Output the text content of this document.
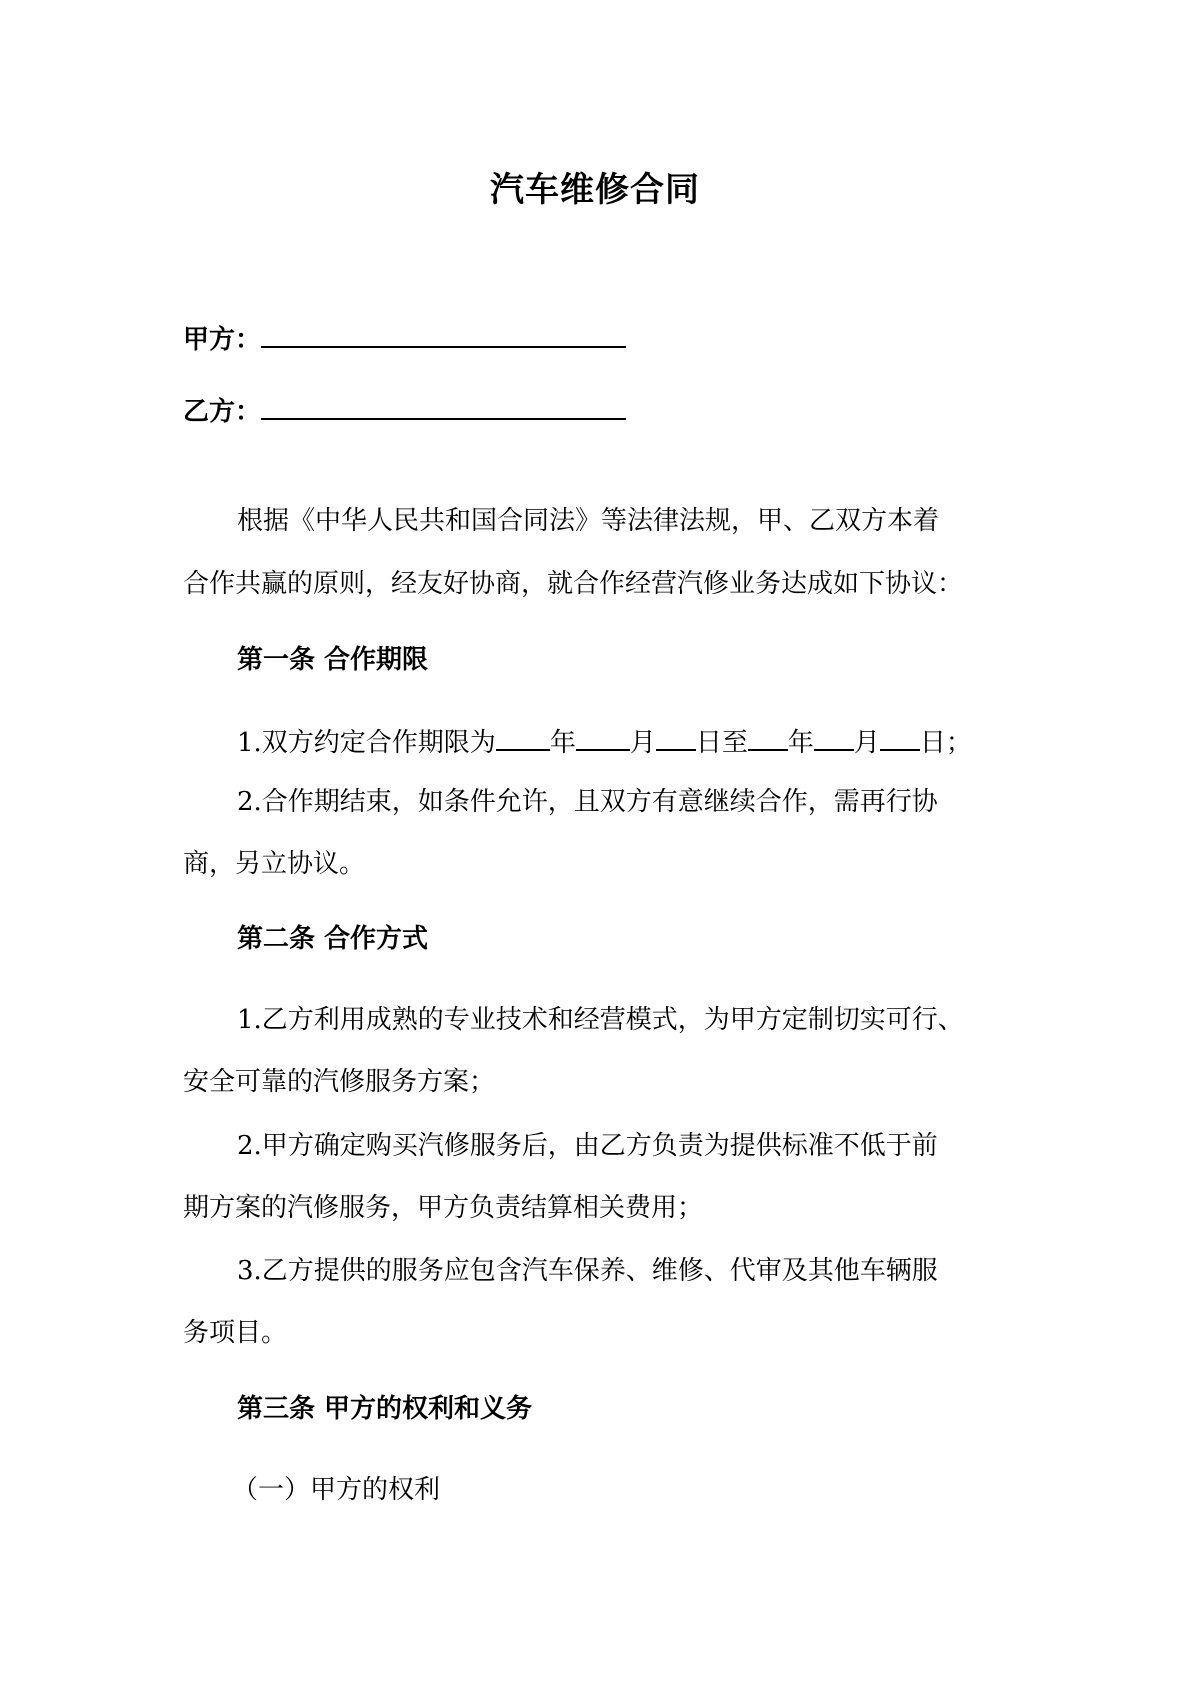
汽车维修合同
甲方：
乙方：
根据《中华人民共和国合同法》等法律法规，甲、乙双方本着
合作共赢的原则，经友好协商，就合作经营汽修业务达成如下协议：
第一条 合作期限
1.双方约定合作期限为 年 月 日至 年 月 日；
2.合作期结束，如条件允许，且双方有意继续合作，需再行协
商，另立协议。
第二条 合作方式
1.乙方利用成熟的专业技术和经营模式，为甲方定制切实可行、
安全可靠的汽修服务方案；
2.甲方确定购买汽修服务后，由乙方负责为提供标准不低于前
期方案的汽修服务，甲方负责结算相关费用；
3.乙方提供的服务应包含汽车保养、维修、代审及其他车辆服
务项目。
第三条 甲方的权利和义务
（一）甲方的权利
